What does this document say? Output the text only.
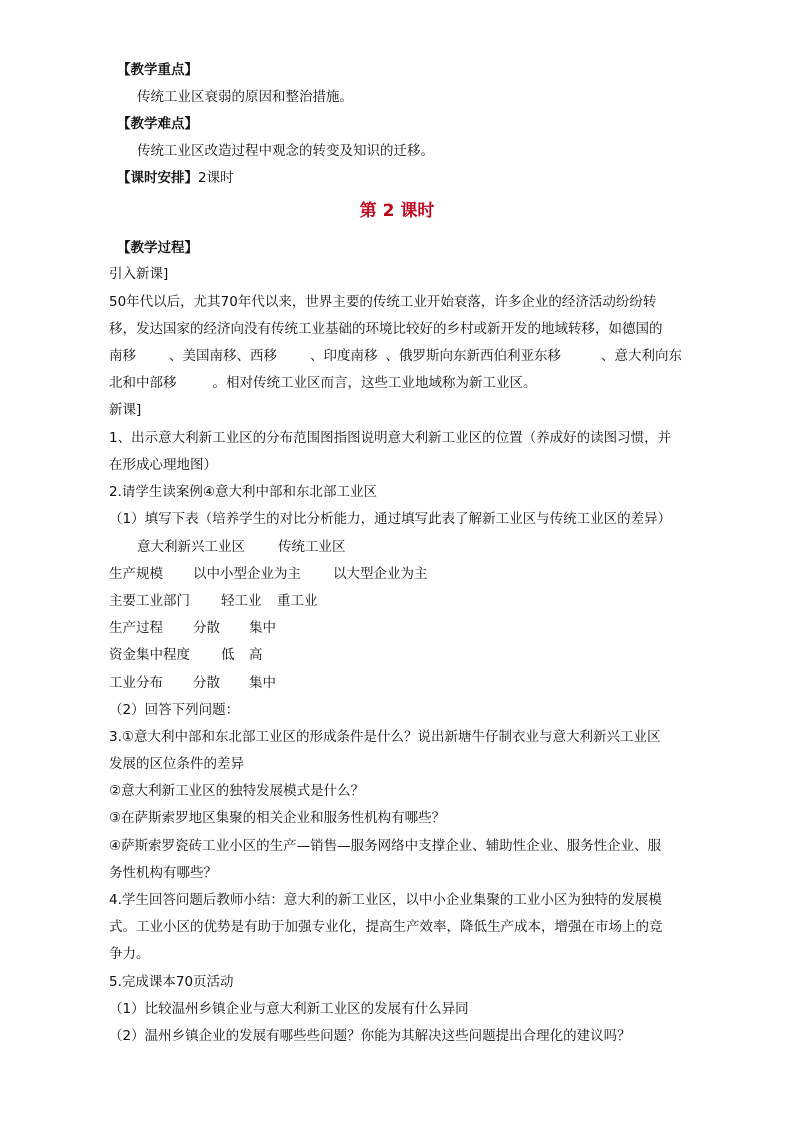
【教学重点】
传统工业区衰弱的原因和整治措施。
【教学难点】
传统工业区改造过程中观念的转变及知识的迁移。
【课时安排】2课时
第 2 课时
【教学过程】
引入新课]
50年代以后，尤其70年代以来，世界主要的传统工业开始衰落，许多企业的经济活动纷纷转
移，发达国家的经济向没有传统工业基础的环境比较好的乡村或新开发的地域转移，如德国的
南移 、美国南移、西移 、印度南移 、俄罗斯向东新西伯利亚东移	、意大利向东
北和中部移	。相对传统工业区而言，这些工业地域称为新工业区。
新课]
1、出示意大利新工业区的分布范围图指图说明意大利新工业区的位置（养成好的读图习惯，并
在形成心理地图）
2.请学生读案例④意大利中部和东北部工业区
（1）填写下表（培养学生的对比分析能力，通过填写此表了解新工业区与传统工业区的差异）
意大利新兴工业区 传统工业区
生产规模 以中小型企业为主 以大型企业为主
主要工业部门 轻工业 重工业
生产过程 分散 集中
资金集中程度 低 高
工业分布 分散 集中
（2）回答下列问题：
3.①意大利中部和东北部工业区的形成条件是什么？说出新塘牛仔制衣业与意大利新兴工业区
发展的区位条件的差异
②意大利新工业区的独特发展模式是什么？
③在萨斯索罗地区集聚的相关企业和服务性机构有哪些？
④萨斯索罗瓷砖工业小区的生产—销售—服务网络中支撑企业、辅助性企业、服务性企业、服
务性机构有哪些？
4.学生回答问题后教师小结：意大利的新工业区，以中小企业集聚的工业小区为独特的发展模
式。工业小区的优势是有助于加强专业化，提高生产效率，降低生产成本，增强在市场上的竞
争力。
5.完成课本70页活动
（1）比较温州乡镇企业与意大利新工业区的发展有什么异同
（2）温州乡镇企业的发展有哪些些问题？你能为其解决这些问题提出合理化的建议吗？
